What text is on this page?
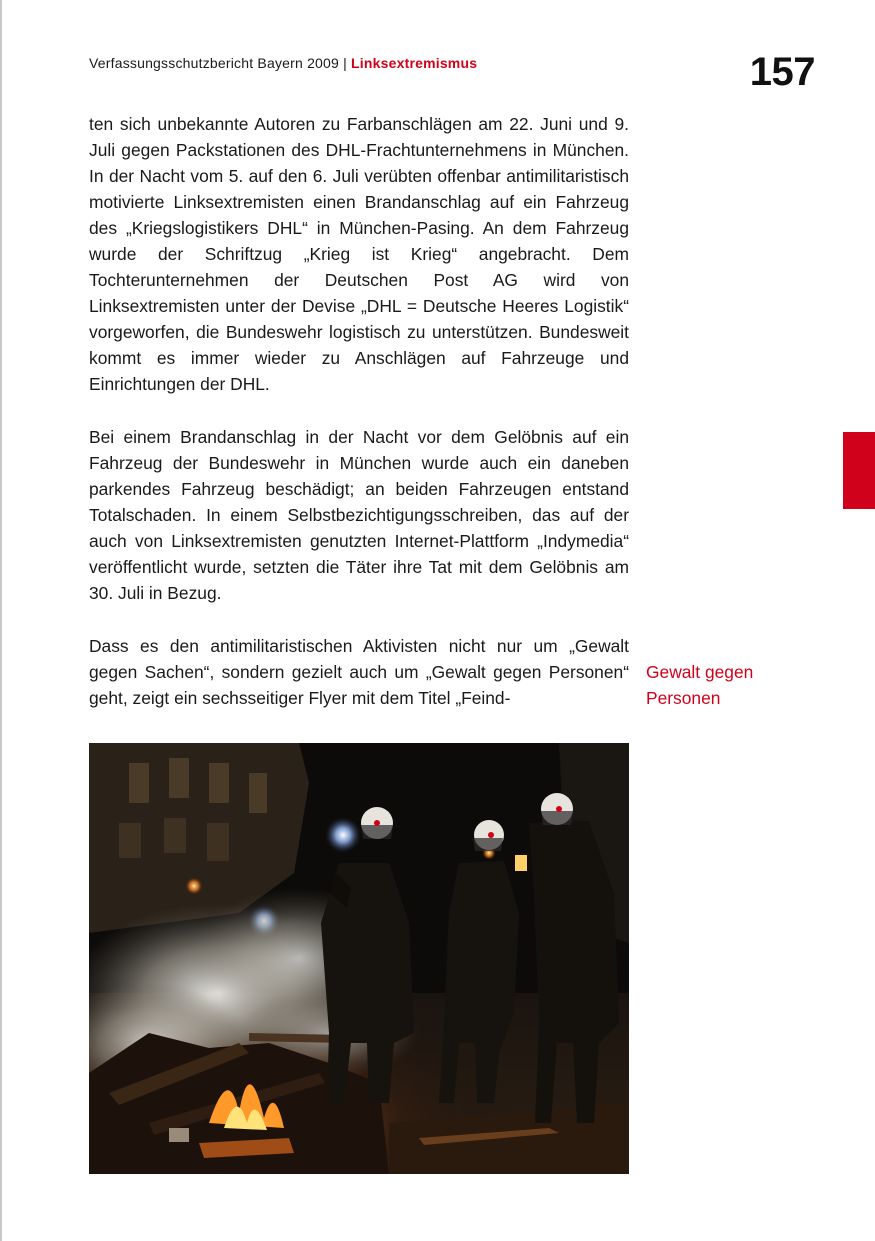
Verfassungsschutzbericht Bayern 2009 | Linksextremismus	157

ten sich unbekannte Autoren zu Farbanschlägen am 22. Juni und 9. Juli gegen Packstationen des DHL-Frachtunternehmens in München. In der Nacht vom 5. auf den 6. Juli verübten offenbar antimilitaristisch motivierte Linksextremisten einen Brandanschlag auf ein Fahrzeug des „Kriegslogistikers DHL“ in München-Pasing. An dem Fahrzeug wurde der Schriftzug „Krieg ist Krieg“ angebracht. Dem Tochterunternehmen der Deutschen Post AG wird von Linksextremisten unter der Devise „DHL = Deutsche Heeres Logistik“ vorgeworfen, die Bundeswehr logistisch zu unterstützen. Bundesweit kommt es immer wieder zu Anschlägen auf Fahrzeuge und Einrichtungen der DHL.

Bei einem Brandanschlag in der Nacht vor dem Gelöbnis auf ein Fahrzeug der Bundeswehr in München wurde auch ein daneben parkendes Fahrzeug beschädigt; an beiden Fahrzeugen entstand Totalschaden. In einem Selbstbezichtigungsschreiben, das auf der auch von Linksextremisten genutzten Internet-Plattform „Indymedia“ veröffentlicht wurde, setzten die Täter ihre Tat mit dem Gelöbnis am 30. Juli in Bezug.

Dass es den antimilitaristischen Aktivisten nicht nur um „Gewalt gegen Sachen“, sondern gezielt auch um „Gewalt gegen Personen“ geht, zeigt ein sechsseitiger Flyer mit dem Titel „Feind-

Gewalt gegen
Personen
